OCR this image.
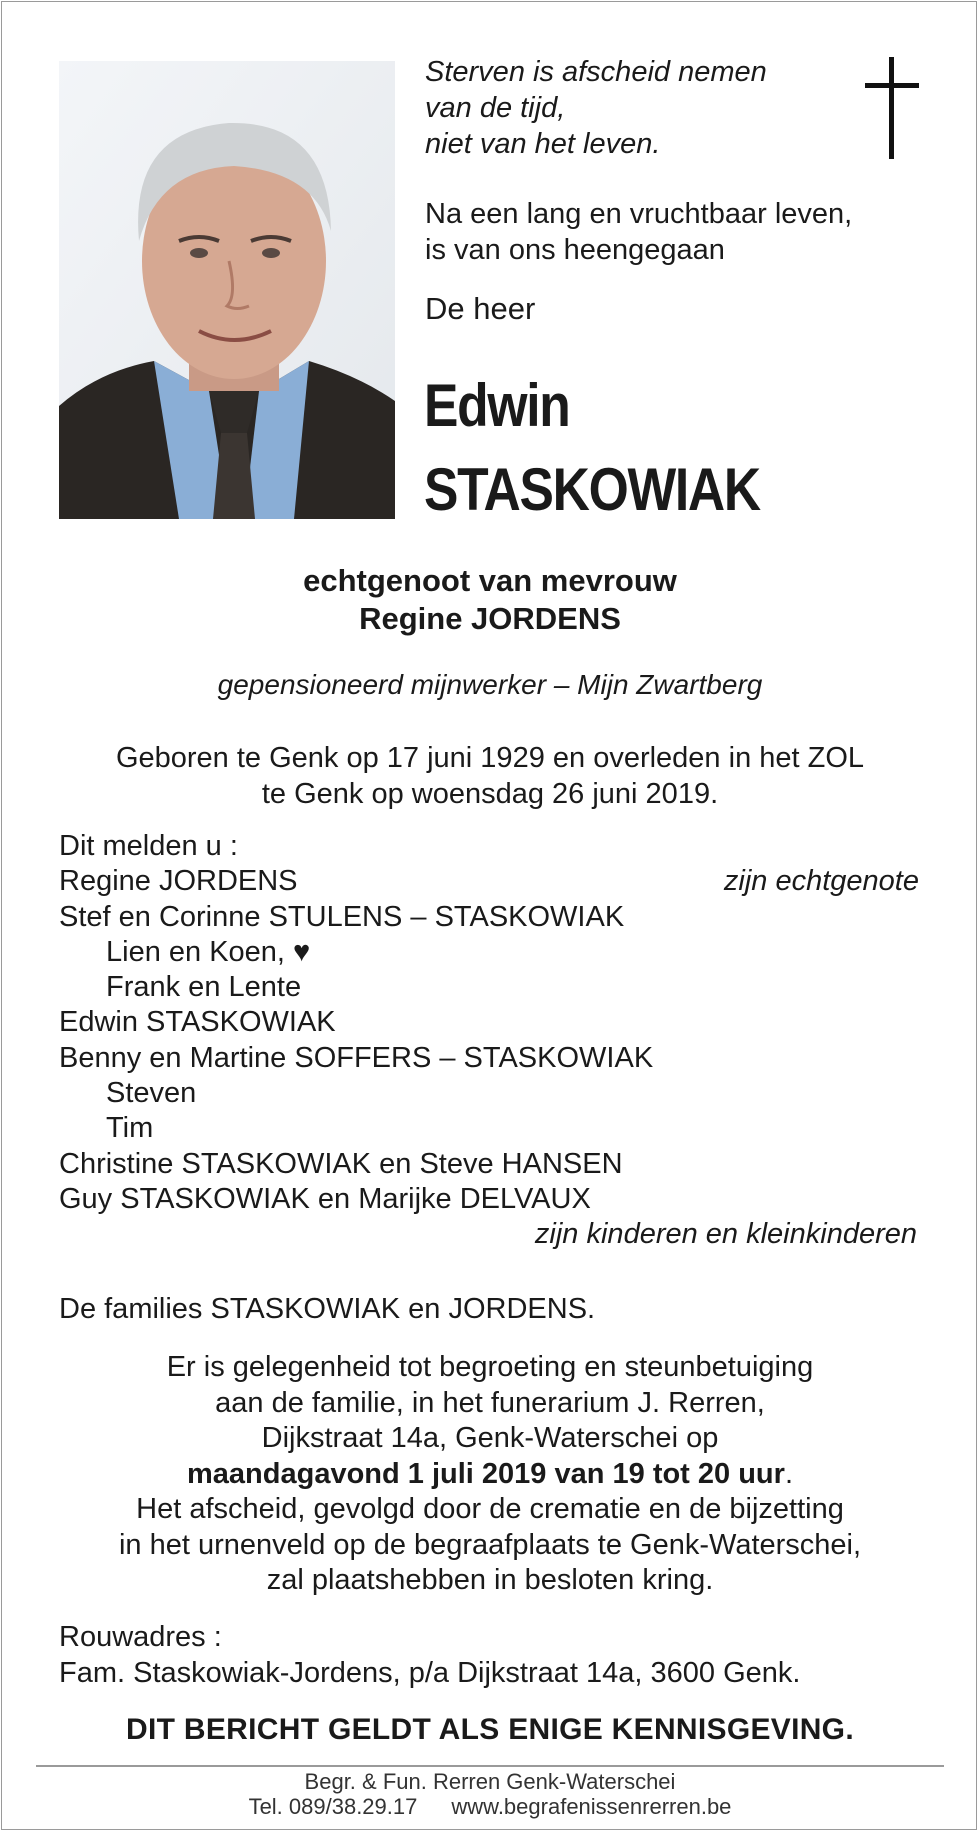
Sterven is afscheid nemen
van de tijd,
niet van het leven.
Na een lang en vruchtbaar leven,
is van ons heengegaan
De heer
Edwin
STASKOWIAK
echtgenoot van mevrouw
Regine JORDENS
gepensioneerd mijnwerker – Mijn Zwartberg
Geboren te Genk op 17 juni 1929 en overleden in het ZOL
te Genk op woensdag 26 juni 2019.
Dit melden u :
Regine JORDENS	zijn echtgenote
Stef en Corinne STULENS – STASKOWIAK
Lien en Koen, ♥
Frank en Lente
Edwin STASKOWIAK
Benny en Martine SOFFERS – STASKOWIAK
Steven
Tim
Christine STASKOWIAK en Steve HANSEN
Guy STASKOWIAK en Marijke DELVAUX
zijn kinderen en kleinkinderen
De families STASKOWIAK en JORDENS.
Er is gelegenheid tot begroeting en steunbetuiging
aan de familie, in het funerarium J. Rerren,
Dijkstraat 14a, Genk-Waterschei op
maandagavond 1 juli 2019 van 19 tot 20 uur.
Het afscheid, gevolgd door de crematie en de bijzetting
in het urnenveld op de begraafplaats te Genk-Waterschei,
zal plaatshebben in besloten kring.
Rouwadres :
Fam. Staskowiak-Jordens, p/a Dijkstraat 14a, 3600 Genk.
DIT BERICHT GELDT ALS ENIGE KENNISGEVING.
Begr. & Fun. Rerren Genk-Waterschei
Tel. 089/38.29.17 www.begrafenissenrerren.be
